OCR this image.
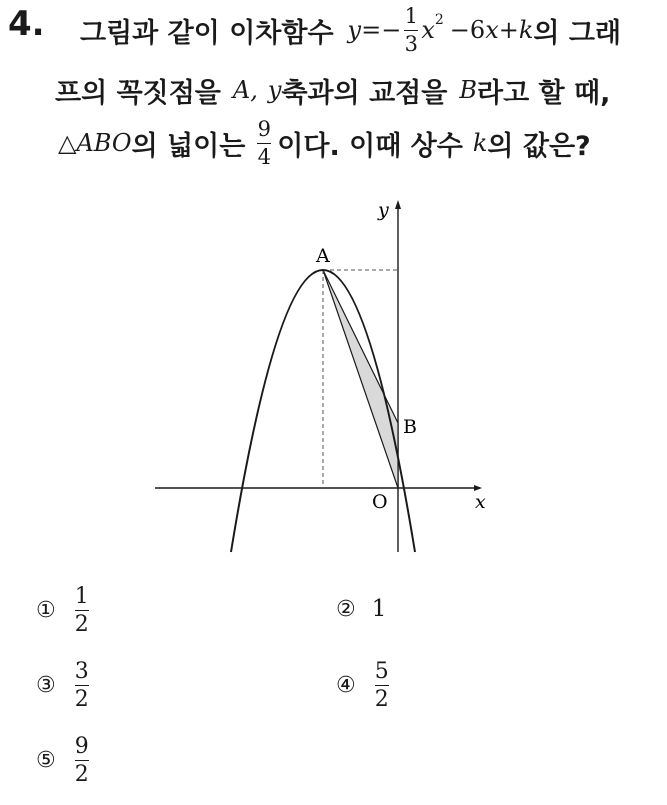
4. 그림과 같이 이차함수 $y =- \frac{1}{3} x^2 -6$ x + k 의 그래
프의 꼭짓점을 A, y 축과의 교점을 B 라고 할 때,
△ ABO 의 넓이는 $\frac{9}{4}$ 이다. 이때 상수 k 의 값은?
y
x
A
B
O
① $\frac{1}{2}$	② 1
③ $\frac{3}{2}$	④ $\frac{5}{2}$
⑤ $\frac{9}{2}$
